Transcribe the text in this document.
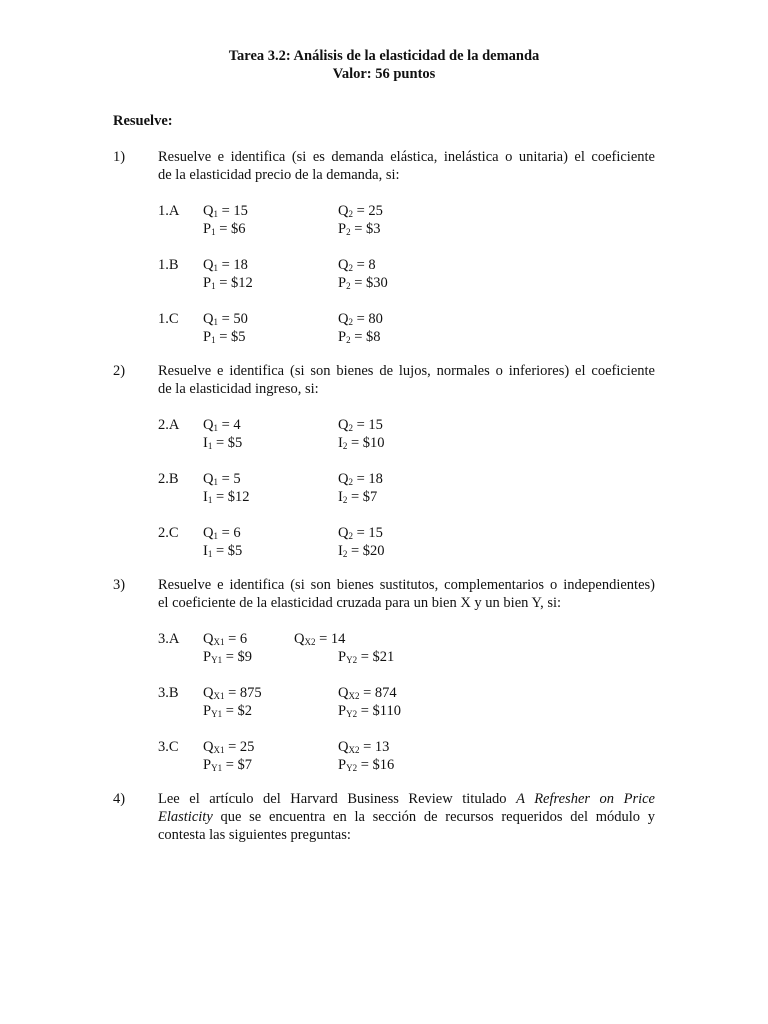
Tarea 3.2: Análisis de la elasticidad de la demanda
Valor: 56 puntos
Resuelve:
1) Resuelve e identifica (si es demanda elástica, inelástica o unitaria) el coeficiente
de la elasticidad precio de la demanda, si:
1.A $Q_1 = 15$
$P_1$ = $6
$Q_2 = 25$
$P_2$ = $3
1.B $Q_1 = 18$
$P_1$ = $12
$Q_2 = 8$
$P_2$ = $30
1.C $Q_1 = 50$
$P_1$ = $5
$Q_2 = 80$
$P_2$ = $8
2) Resuelve e identifica (si son bienes de lujos, normales o inferiores) el coeficiente
de la elasticidad ingreso, si:
2.A $Q_1 = 4$
$I_1$ = $5
$Q_2 = 15$
$I_2$ = $10
2.B $Q_1 = 5$
$I_1$ = $12
$Q_2 = 18$
$I_2$ = $7
2.C $Q_1 = 6$
$I_1$ = $5
$Q_2 = 15$
$I_2$ = $20
3) Resuelve e identifica (si son bienes sustitutos, complementarios o independientes)
el coeficiente de la elasticidad cruzada para un bien X y un bien Y, si:
3.A $Q_{X1} = 6$
$P_{Y1}$ = $9
$Q_{X2} = 14$
$P_{Y2}$ = $21
3.B $Q_{X1} = 875$
$P_{Y1}$ = $2
$Q_{X2} = 874$
$P_{Y2}$ = $110
3.C $Q_{X1} = 25$
$P_{Y1}$ = $7
$Q_{X2} = 13$
$P_{Y2}$ = $16
4) Lee el artículo del Harvard Business Review titulado A Refresher on Price
Elasticity que se encuentra en la sección de recursos requeridos del módulo y
contesta las siguientes preguntas:
